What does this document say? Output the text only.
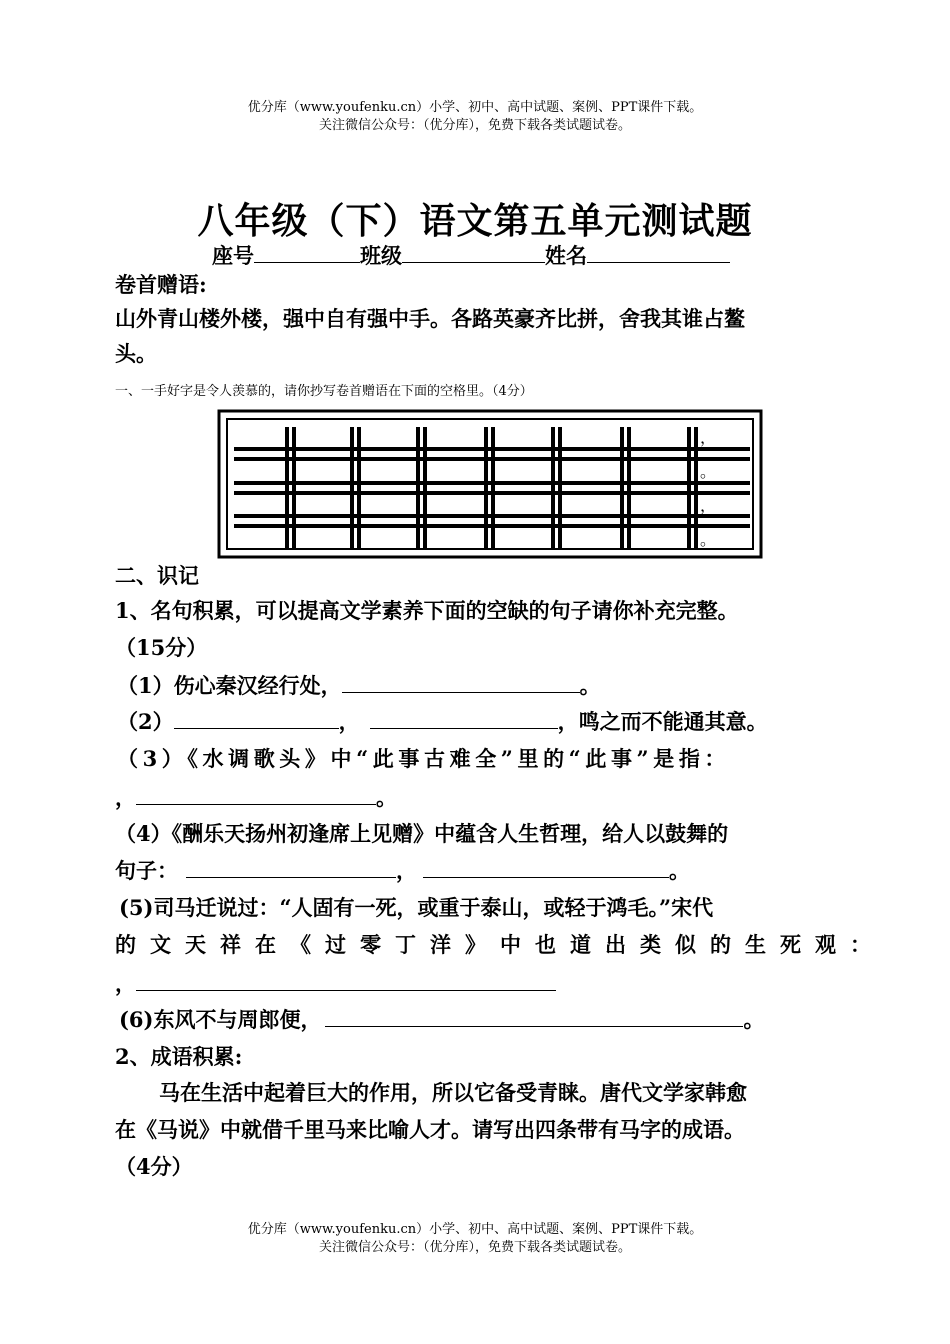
优分库（www.youfenku.cn）小学、初中、高中试题、案例、PPT课件下载。
关注微信公众号：（优分库），免费下载各类试题试卷。
八年级（下）语文第五单元测试题
座号	班级	姓名
卷首赠语:
山外青山楼外楼，强中自有强中手。各路英豪齐比拼，舍我其谁占鳌
头。
一、一手好字是令人羡慕的，请你抄写卷首赠语在下面的空格里。（4分）
，
。
，
。
二、识记
1、名句积累，可以提高文学素养下面的空缺的句子请你补充完整。
（15分）
（1）伤心秦汉经行处，	。
（2）	，	，鸣之而不能通其意。
（3）《水调歌头》中“此事古难全”里的“此事”是指：
，	。
（4）《酬乐天扬州初逢席上见赠》中蕴含人生哲理，给人以鼓舞的
句子：	，	。
(5)司马迁说过：“人固有一死，或重于泰山，或轻于鸿毛。”宋代
的文天祥在《过零丁洋》中也道出类似的生死观：
，
(6)东风不与周郎便，	。
2、成语积累:
马在生活中起着巨大的作用，所以它备受青睐。唐代文学家韩愈
在《马说》中就借千里马来比喻人才。请写出四条带有马字的成语。
（4分）
优分库（www.youfenku.cn）小学、初中、高中试题、案例、PPT课件下载。
关注微信公众号：（优分库），免费下载各类试题试卷。
